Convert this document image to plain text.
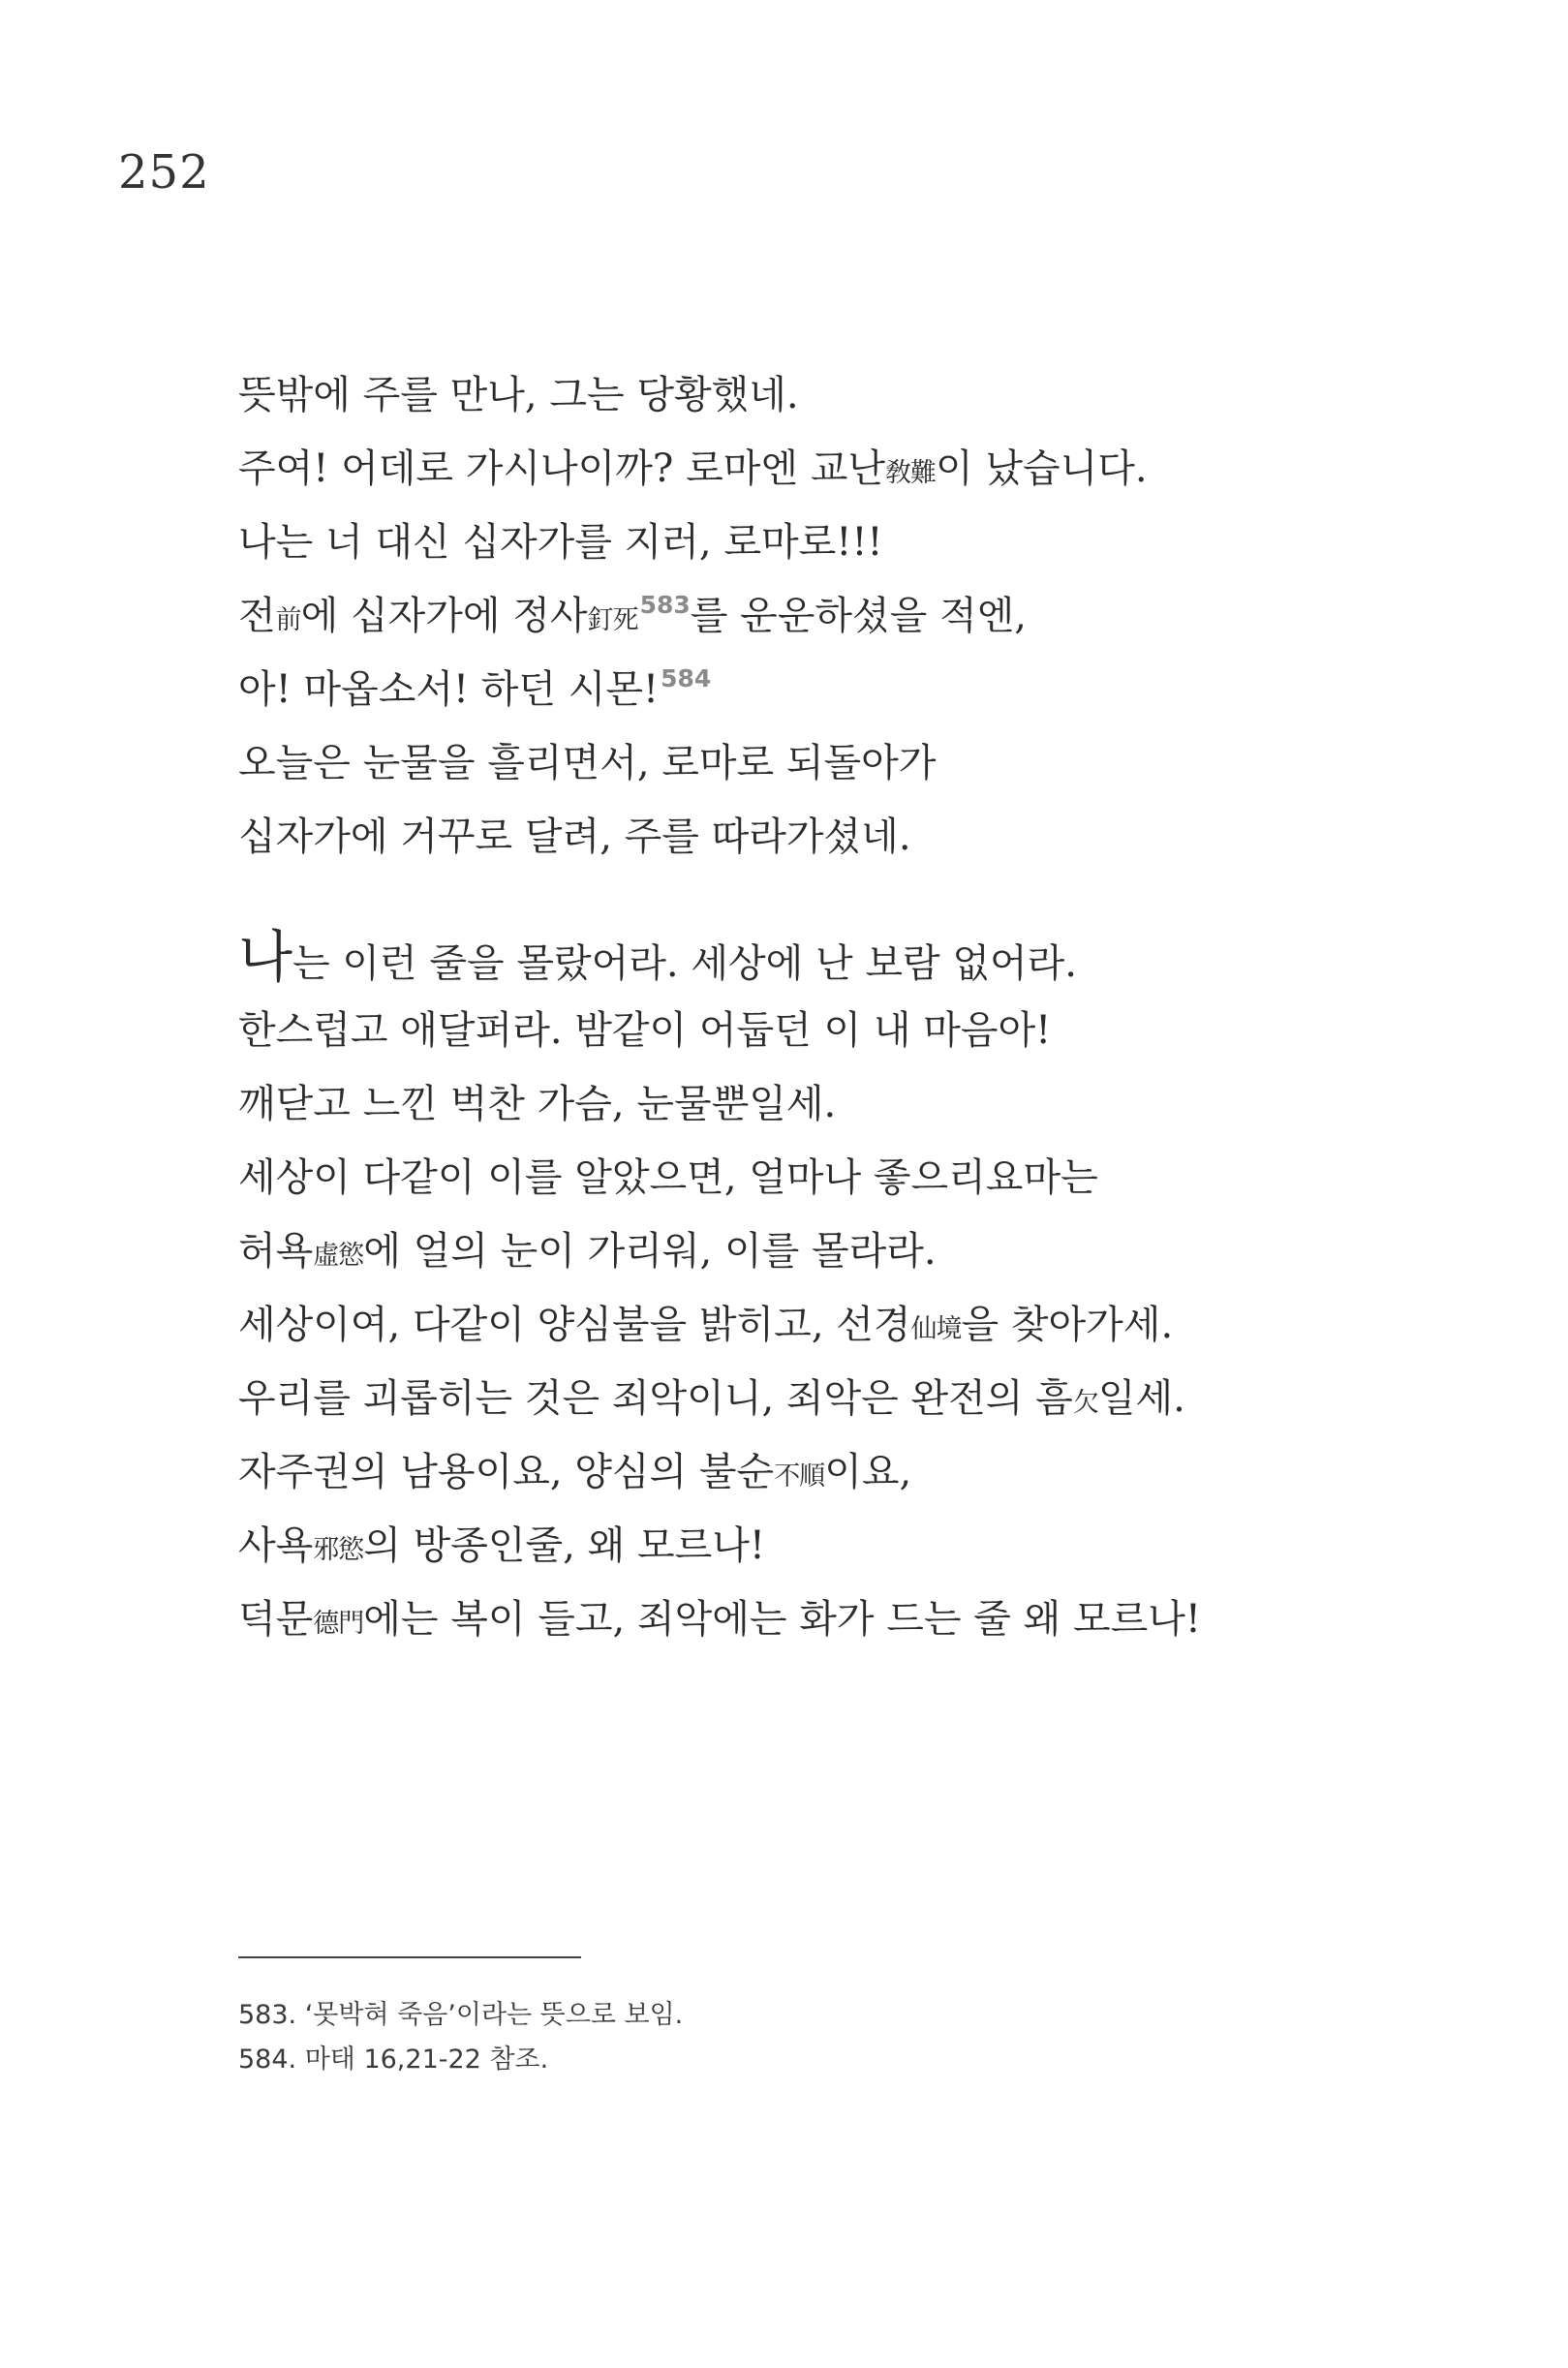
252
뜻밖에 주를 만나, 그는 당황했네.
주여! 어데로 가시나이까? 로마엔 교난敎難이 났습니다.
나는 너 대신 십자가를 지러, 로마로!!!
전前에 십자가에 정사釘死$^{583}$를 운운하셨을 적엔,
아! 마옵소서! 하던 시몬!$^{584}$
오늘은 눈물을 흘리면서, 로마로 되돌아가
십자가에 거꾸로 달려, 주를 따라가셨네.
나는 이런 줄을 몰랐어라. 세상에 난 보람 없어라.
한스럽고 애달퍼라. 밤같이 어둡던 이 내 마음아!
깨닫고 느낀 벅찬 가슴, 눈물뿐일세.
세상이 다같이 이를 알았으면, 얼마나 좋으리요마는
허욕虛慾에 얼의 눈이 가리워, 이를 몰라라.
세상이여, 다같이 양심불을 밝히고, 선경仙境을 찾아가세.
우리를 괴롭히는 것은 죄악이니, 죄악은 완전의 흠欠일세.
자주권의 남용이요, 양심의 불순不順이요,
사욕邪慾의 방종인줄, 왜 모르나!
덕문德門에는 복이 들고, 죄악에는 화가 드는 줄 왜 모르나!
583. ‘못박혀 죽음’이라는 뜻으로 보임.
584. 마태 16,21-22 참조.
